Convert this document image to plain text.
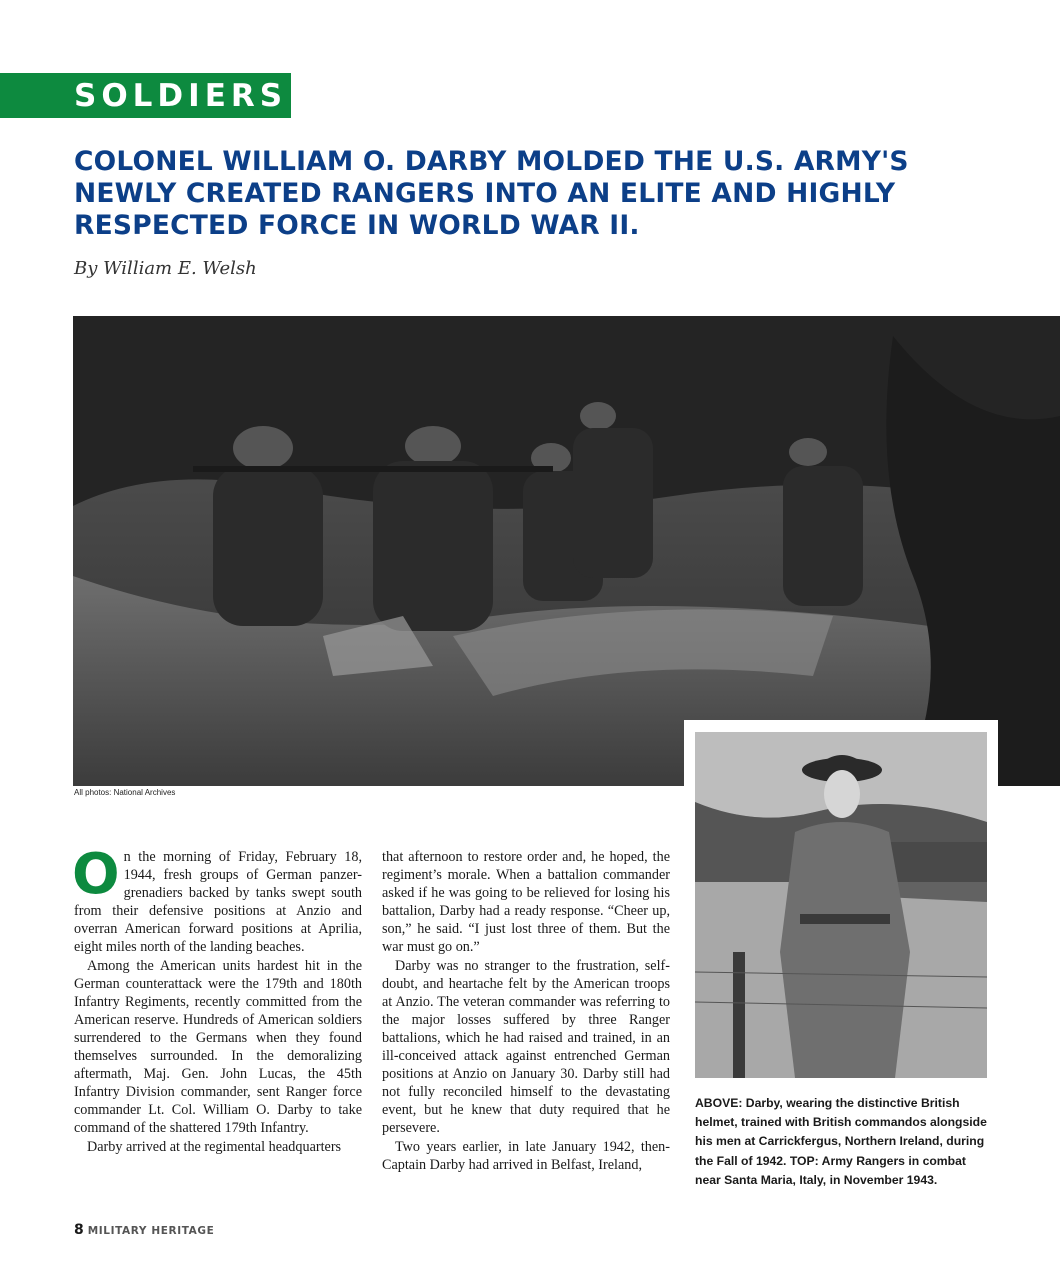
SOLDIERS
COLONEL WILLIAM O. DARBY MOLDED THE U.S. ARMY'S NEWLY CREATED RANGERS INTO AN ELITE AND HIGHLY RESPECTED FORCE IN WORLD WAR II.
By William E. Welsh
All photos: National Archives

On the morning of Friday, February 18, 1944, fresh groups of German panzer-grenadiers backed by tanks swept south from their defensive positions at Anzio and overran American forward positions at Aprilia, eight miles north of the landing beaches.

Among the American units hardest hit in the German counterattack were the 179th and 180th Infantry Regiments, recently committed from the American reserve. Hundreds of American soldiers surrendered to the Germans when they found themselves surrounded. In the demoralizing aftermath, Maj. Gen. John Lucas, the 45th Infantry Division commander, sent Ranger force commander Lt. Col. William O. Darby to take command of the shattered 179th Infantry.

Darby arrived at the regimental headquarters

that afternoon to restore order and, he hoped, the regiment’s morale. When a battalion commander asked if he was going to be relieved for losing his battalion, Darby had a ready response. “Cheer up, son,” he said. “I just lost three of them. But the war must go on.”

Darby was no stranger to the frustration, self-doubt, and heartache felt by the American troops at Anzio. The veteran commander was referring to the major losses suffered by three Ranger battalions, which he had raised and trained, in an ill-conceived attack against entrenched German positions at Anzio on January 30. Darby still had not fully reconciled himself to the devastating event, but he knew that duty required that he persevere.

Two years earlier, in late January 1942, then-Captain Darby had arrived in Belfast, Ireland,

ABOVE: Darby, wearing the distinctive British helmet, trained with British commandos alongside his men at Carrickfergus, Northern Ireland, during the Fall of 1942. TOP: Army Rangers in combat near Santa Maria, Italy, in November 1943.
8 MILITARY HERITAGE
